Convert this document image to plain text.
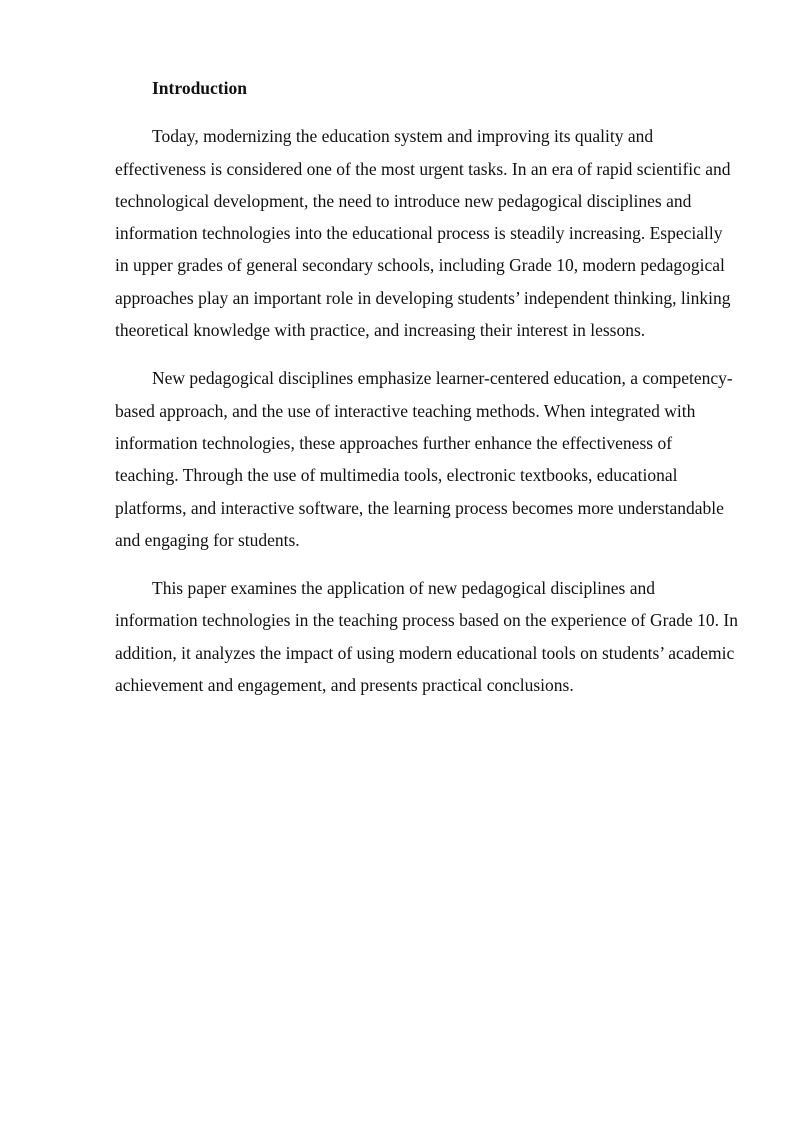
Introduction

Today, modernizing the education system and improving its quality and effectiveness is considered one of the most urgent tasks. In an era of rapid scientific and technological development, the need to introduce new pedagogical disciplines and information technologies into the educational process is steadily increasing. Especially in upper grades of general secondary schools, including Grade 10, modern pedagogical approaches play an important role in developing students’ independent thinking, linking theoretical knowledge with practice, and increasing their interest in lessons.

New pedagogical disciplines emphasize learner-centered education, a competency-based approach, and the use of interactive teaching methods. When integrated with information technologies, these approaches further enhance the effectiveness of teaching. Through the use of multimedia tools, electronic textbooks, educational platforms, and interactive software, the learning process becomes more understandable and engaging for students.

This paper examines the application of new pedagogical disciplines and information technologies in the teaching process based on the experience of Grade 10. In addition, it analyzes the impact of using modern educational tools on students’ academic achievement and engagement, and presents practical conclusions.
